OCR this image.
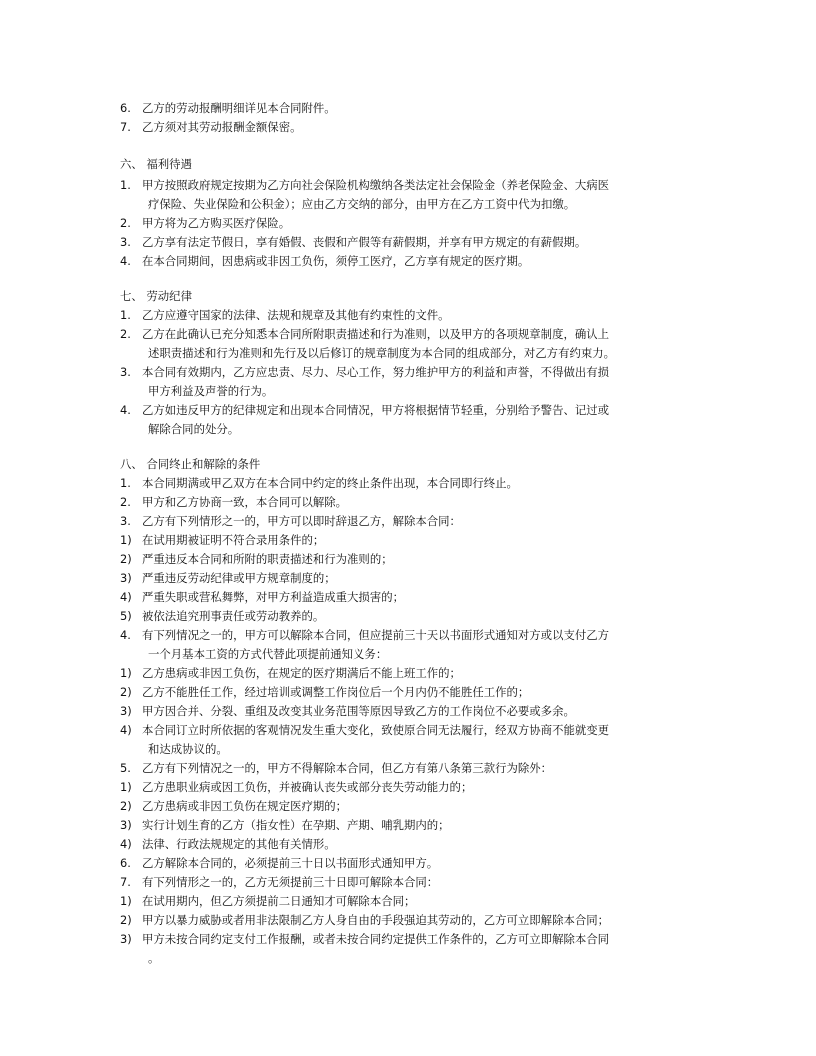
6. 乙方的劳动报酬明细详见本合同附件。
7. 乙方须对其劳动报酬金额保密。
六、 福利待遇
1. 甲方按照政府规定按期为乙方向社会保险机构缴纳各类法定社会保险金（养老保险金、大病医
疗保险、失业保险和公积金）；应由乙方交纳的部分，由甲方在乙方工资中代为扣缴。
2. 甲方将为乙方购买医疗保险。
3. 乙方享有法定节假日，享有婚假、丧假和产假等有薪假期，并享有甲方规定的有薪假期。
4. 在本合同期间，因患病或非因工负伤，须停工医疗，乙方享有规定的医疗期。
七、 劳动纪律
1. 乙方应遵守国家的法律、法规和规章及其他有约束性的文件。
2. 乙方在此确认已充分知悉本合同所附职责描述和行为准则，以及甲方的各项规章制度，确认上
述职责描述和行为准则和先行及以后修订的规章制度为本合同的组成部分，对乙方有约束力。
3. 本合同有效期内，乙方应忠责、尽力、尽心工作，努力维护甲方的利益和声誉，不得做出有损
甲方利益及声誉的行为。
4. 乙方如违反甲方的纪律规定和出现本合同情况，甲方将根据情节轻重，分别给予警告、记过或
解除合同的处分。
八、 合同终止和解除的条件
1. 本合同期满或甲乙双方在本合同中约定的终止条件出现，本合同即行终止。
2. 甲方和乙方协商一致，本合同可以解除。
3. 乙方有下列情形之一的，甲方可以即时辞退乙方，解除本合同：
1) 在试用期被证明不符合录用条件的；
2) 严重违反本合同和所附的职责描述和行为准则的；
3) 严重违反劳动纪律或甲方规章制度的；
4) 严重失职或营私舞弊，对甲方利益造成重大损害的；
5) 被依法追究刑事责任或劳动教养的。
4. 有下列情况之一的，甲方可以解除本合同，但应提前三十天以书面形式通知对方或以支付乙方
一个月基本工资的方式代替此项提前通知义务：
1) 乙方患病或非因工负伤，在规定的医疗期满后不能上班工作的；
2) 乙方不能胜任工作，经过培训或调整工作岗位后一个月内仍不能胜任工作的；
3) 甲方因合并、分裂、重组及改变其业务范围等原因导致乙方的工作岗位不必要或多余。
4) 本合同订立时所依据的客观情况发生重大变化，致使原合同无法履行，经双方协商不能就变更
和达成协议的。
5. 乙方有下列情况之一的，甲方不得解除本合同，但乙方有第八条第三款行为除外：
1) 乙方患职业病或因工负伤，并被确认丧失或部分丧失劳动能力的；
2) 乙方患病或非因工负伤在规定医疗期的；
3) 实行计划生育的乙方（指女性）在孕期、产期、哺乳期内的；
4) 法律、行政法规规定的其他有关情形。
6. 乙方解除本合同的，必须提前三十日以书面形式通知甲方。
7. 有下列情形之一的，乙方无须提前三十日即可解除本合同：
1) 在试用期内，但乙方须提前二日通知才可解除本合同；
2) 甲方以暴力威胁或者用非法限制乙方人身自由的手段强迫其劳动的，乙方可立即解除本合同；
3) 甲方未按合同约定支付工作报酬，或者未按合同约定提供工作条件的，乙方可立即解除本合同
。
